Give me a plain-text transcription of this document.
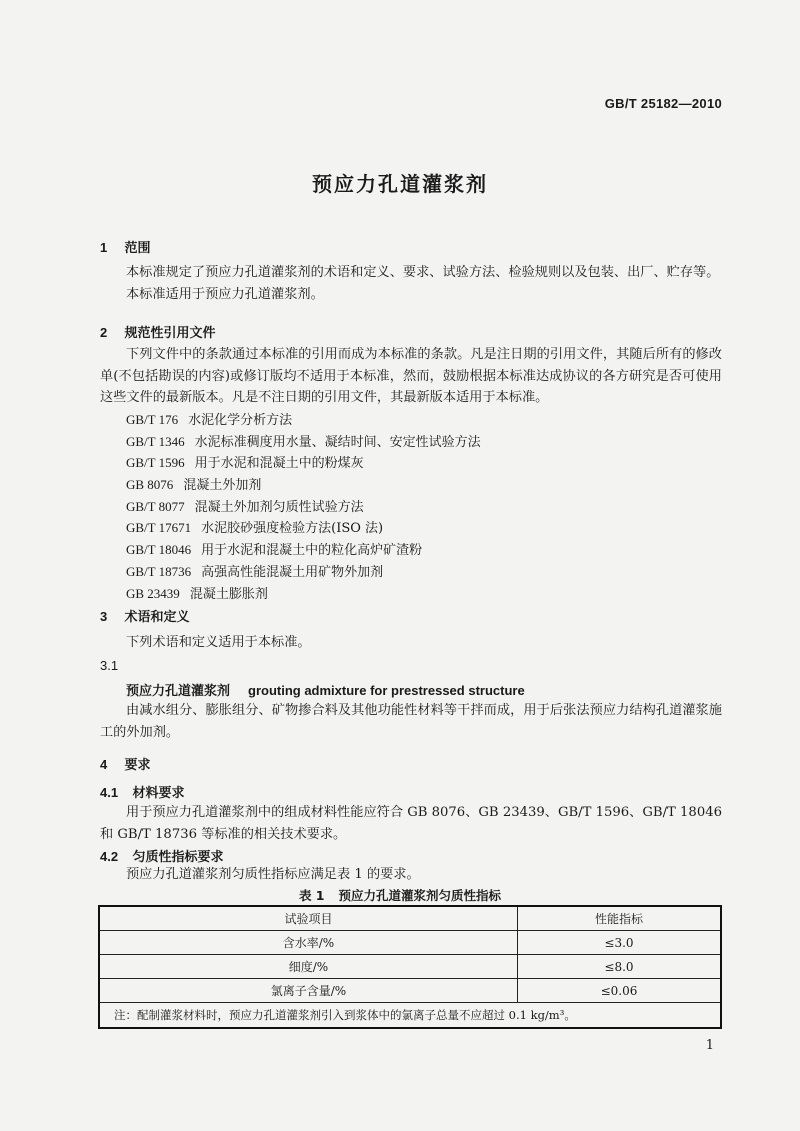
GB/T 25182—2010
预应力孔道灌浆剂
1 范围
本标准规定了预应力孔道灌浆剂的术语和定义、要求、试验方法、检验规则以及包装、出厂、贮存等。
本标准适用于预应力孔道灌浆剂。
2 规范性引用文件
下列文件中的条款通过本标准的引用而成为本标准的条款。凡是注日期的引用文件，其随后所有的修改单(不包括勘误的内容)或修订版均不适用于本标准，然而，鼓励根据本标准达成协议的各方研究是否可使用这些文件的最新版本。凡是不注日期的引用文件，其最新版本适用于本标准。
GB/T 176 水泥化学分析方法
GB/T 1346 水泥标准稠度用水量、凝结时间、安定性试验方法
GB/T 1596 用于水泥和混凝土中的粉煤灰
GB 8076 混凝土外加剂
GB/T 8077 混凝土外加剂匀质性试验方法
GB/T 17671 水泥胶砂强度检验方法(ISO 法)
GB/T 18046 用于水泥和混凝土中的粒化高炉矿渣粉
GB/T 18736 高强高性能混凝土用矿物外加剂
GB 23439 混凝土膨胀剂
3 术语和定义
下列术语和定义适用于本标准。
3.1
预应力孔道灌浆剂 grouting admixture for prestressed structure
由减水组分、膨胀组分、矿物掺合料及其他功能性材料等干拌而成，用于后张法预应力结构孔道灌浆施工的外加剂。
4 要求
4.1 材料要求
用于预应力孔道灌浆剂中的组成材料性能应符合 GB 8076、GB 23439、GB/T 1596、GB/T 18046 和 GB/T 18736 等标准的相关技术要求。
4.2 匀质性指标要求
预应力孔道灌浆剂匀质性指标应满足表 1 的要求。
表 1 预应力孔道灌浆剂匀质性指标
试验项目	性能指标
含水率/%	≤3.0
细度/%	≤8.0
氯离子含量/%	≤0.06
注：配制灌浆材料时，预应力孔道灌浆剂引入到浆体中的氯离子总量不应超过 0.1 kg/m³。	
1
